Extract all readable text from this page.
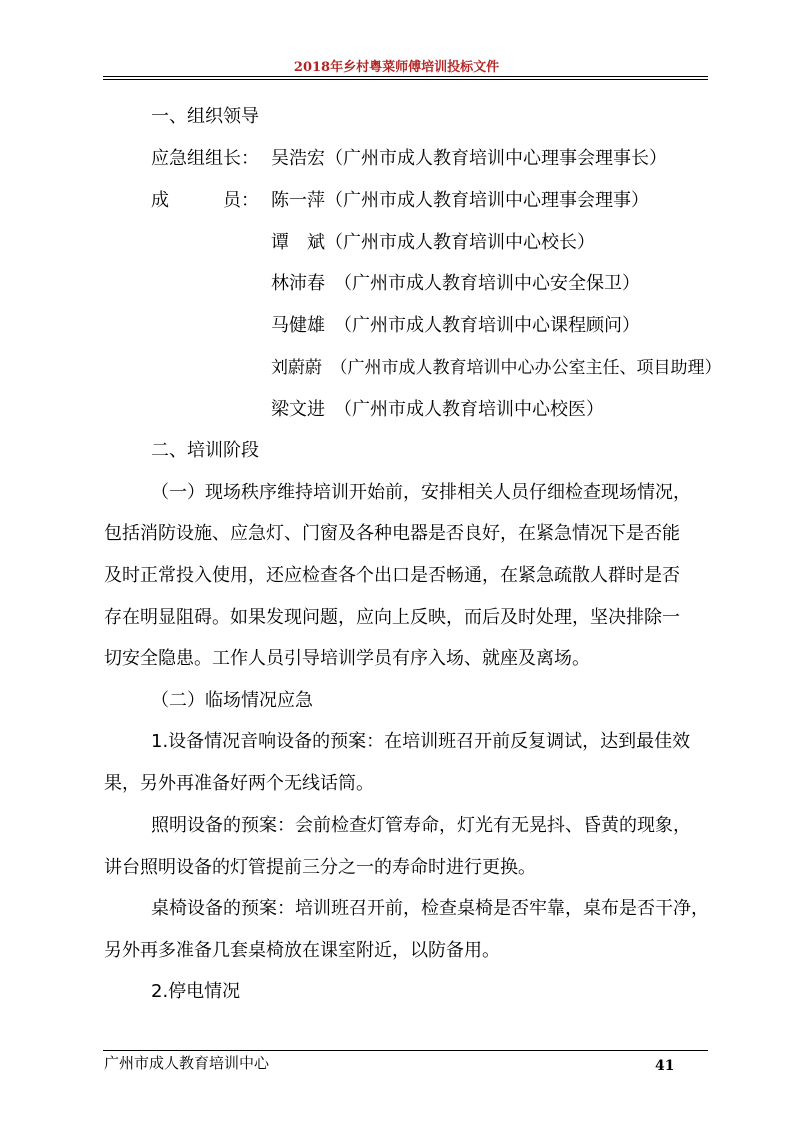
2018年乡村粤菜师傅培训投标文件
一、组织领导
应急组组长： 吴浩宏（广州市成人教育培训中心理事会理事长）
成　　　员： 陈一萍（广州市成人教育培训中心理事会理事）
谭　斌（广州市成人教育培训中心校长）
林沛春　（广州市成人教育培训中心安全保卫）
马健雄　（广州市成人教育培训中心课程顾问）
刘蔚蔚　（广州市成人教育培训中心办公室主任、项目助理）
梁文进　（广州市成人教育培训中心校医）
二、培训阶段
（一）现场秩序维持培训开始前，安排相关人员仔细检查现场情况，
包括消防设施、应急灯、门窗及各种电器是否良好，在紧急情况下是否能
及时正常投入使用，还应检查各个出口是否畅通，在紧急疏散人群时是否
存在明显阻碍。如果发现问题，应向上反映，而后及时处理，坚决排除一
切安全隐患。工作人员引导培训学员有序入场、就座及离场。
（二）临场情况应急
1.设备情况音响设备的预案：在培训班召开前反复调试，达到最佳效
果，另外再准备好两个无线话筒。
照明设备的预案：会前检查灯管寿命，灯光有无晃抖、昏黄的现象，
讲台照明设备的灯管提前三分之一的寿命时进行更换。
桌椅设备的预案：培训班召开前，检查桌椅是否牢靠，桌布是否干净，
另外再多准备几套桌椅放在课室附近，以防备用。
2.停电情况
广州市成人教育培训中心	41
